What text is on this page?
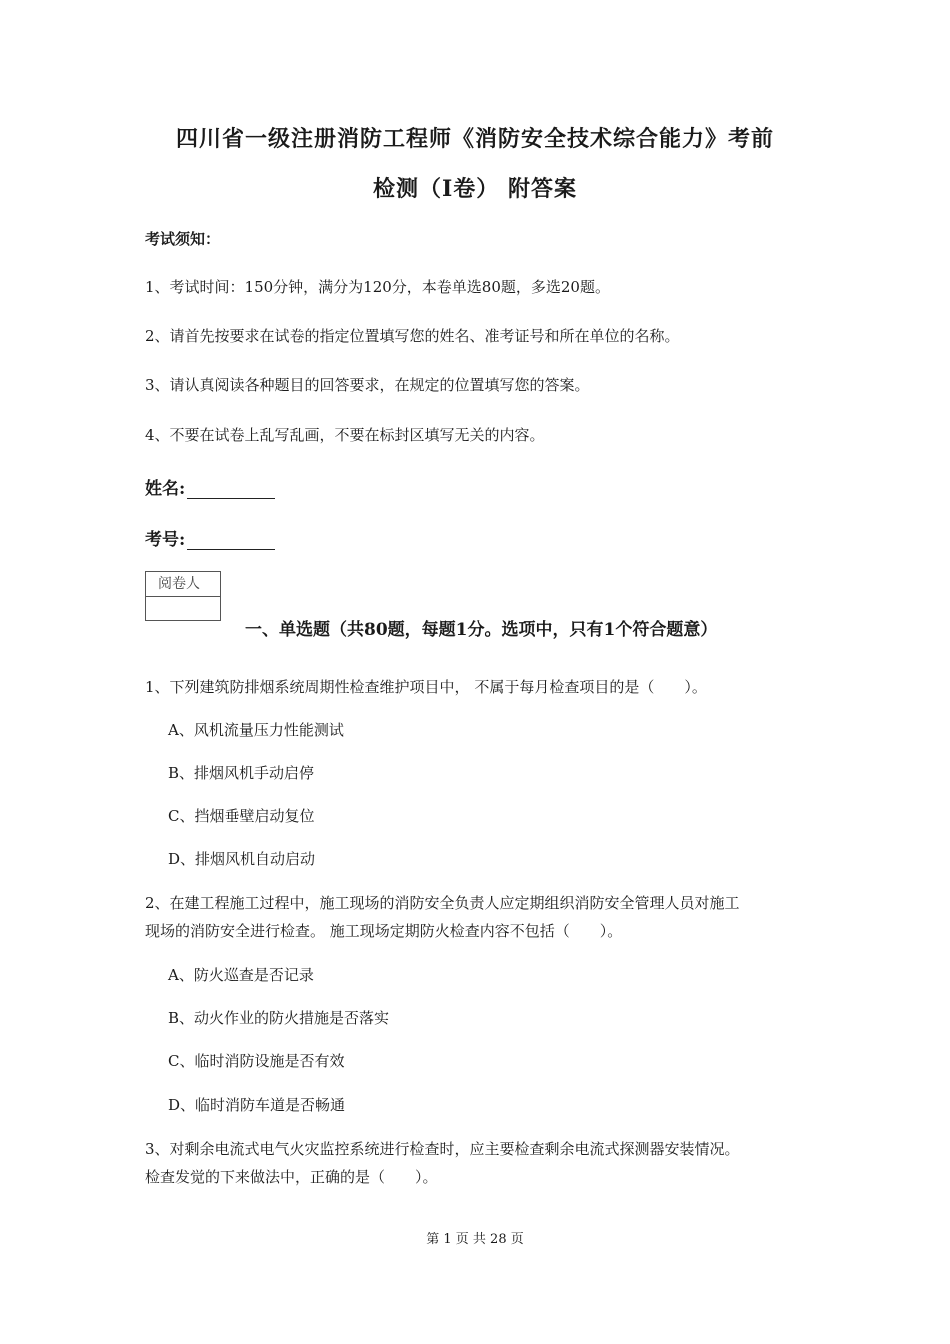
四川省一级注册消防工程师《消防安全技术综合能力》考前
检测（I卷） 附答案
考试须知：
1、考试时间：150分钟，满分为120分，本卷单选80题，多选20题。
2、请首先按要求在试卷的指定位置填写您的姓名、准考证号和所在单位的名称。
3、请认真阅读各种题目的回答要求，在规定的位置填写您的答案。
4、不要在试卷上乱写乱画，不要在标封区填写无关的内容。
姓名:
考号:
阅卷人
一、单选题（共80题，每题1分。选项中，只有1个符合题意）
1、下列建筑防排烟系统周期性检查维护项目中， 不属于每月检查项目的是（　　）。
A、风机流量压力性能测试
B、排烟风机手动启停
C、挡烟垂壁启动复位
D、排烟风机自动启动
2、在建工程施工过程中，施工现场的消防安全负责人应定期组织消防安全管理人员对施工
现场的消防安全进行检查。 施工现场定期防火检查内容不包括（　　）。
A、防火巡查是否记录
B、动火作业的防火措施是否落实
C、临时消防设施是否有效
D、临时消防车道是否畅通
3、对剩余电流式电气火灾监控系统进行检查时，应主要检查剩余电流式探测器安装情况。
检查发觉的下来做法中，正确的是（　　）。
第 1 页 共 28 页
